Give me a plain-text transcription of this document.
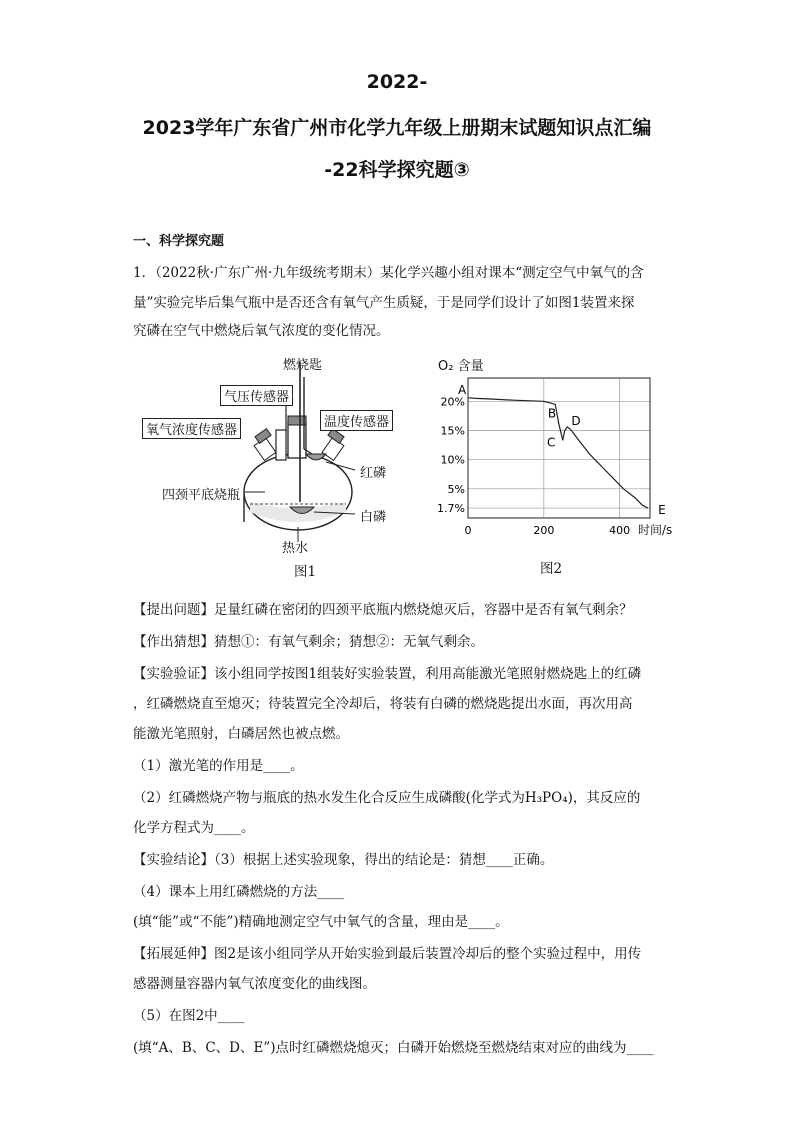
2022-
2023学年广东省广州市化学九年级上册期末试题知识点汇编
-22科学探究题③
一、科学探究题
1．（2022秋·广东广州·九年级统考期末）某化学兴趣小组对课本“测定空气中氧气的含
量”实验完毕后集气瓶中是否还含有氧气产生质疑，于是同学们设计了如图1装置来探
究磷在空气中燃烧后氧气浓度的变化情况。
燃烧匙
气压传感器
氧气浓度传感器
温度传感器
红磷
四颈平底烧瓶
白磷
热水
图1
1.7%
5%
10%
15%
20%
0	200	400
A
B
C
D
E
O₂ 含量
时间/s
图2
【提出问题】足量红磷在密闭的四颈平底瓶内燃烧熄灭后，容器中是否有氧气剩余？
【作出猜想】猜想①：有氧气剩余；猜想②：无氧气剩余。
【实验验证】该小组同学按图1组装好实验装置，利用高能激光笔照射燃烧匙上的红磷
，红磷燃烧直至熄灭；待装置完全冷却后，将装有白磷的燃烧匙提出水面，再次用高
能激光笔照射，白磷居然也被点燃。
（1）激光笔的作用是____。
（2）红磷燃烧产物与瓶底的热水发生化合反应生成磷酸(化学式为H₃PO₄)，其反应的
化学方程式为____。
【实验结论】（3）根据上述实验现象，得出的结论是：猜想____正确。
（4）课本上用红磷燃烧的方法____
(填“能”或“不能”)精确地测定空气中氧气的含量，理由是____。
【拓展延伸】图2是该小组同学从开始实验到最后装置冷却后的整个实验过程中，用传
感器测量容器内氧气浓度变化的曲线图。
（5）在图2中____
(填“A、B、C、D、E”)点时红磷燃烧熄灭；白磷开始燃烧至燃烧结束对应的曲线为____
